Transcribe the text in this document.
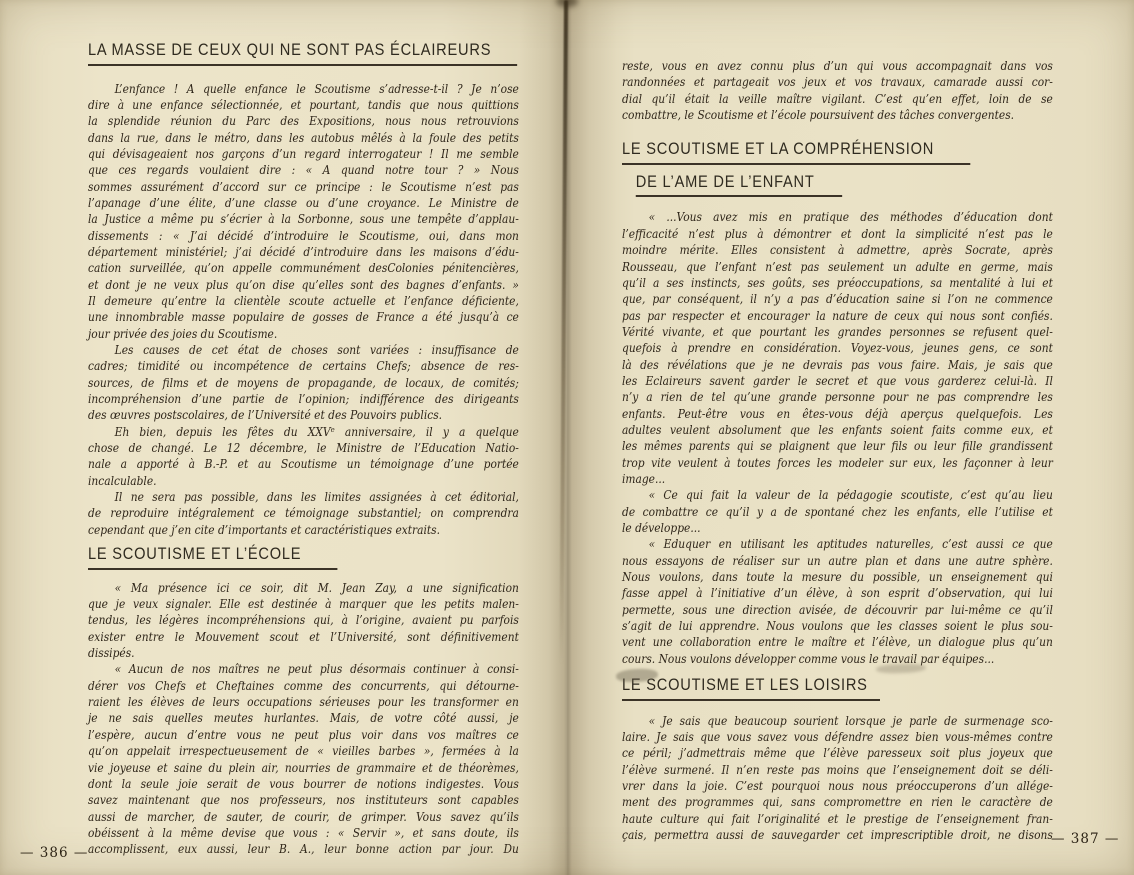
LA MASSE DE CEUX QUI NE SONT PAS ÉCLAIREURS
L’enfance ! A quelle enfance le Scoutisme s’adresse-t-il ? Je n’ose
dire à une enfance sélectionnée, et pourtant, tandis que nous quittions
la splendide réunion du Parc des Expositions, nous nous retrouvions
dans la rue, dans le métro, dans les autobus mêlés à la foule des petits
qui dévisageaient nos garçons d’un regard interrogateur ! Il me semble
que ces regards voulaient dire : « A quand notre tour ? » Nous
sommes assurément d’accord sur ce principe : le Scoutisme n’est pas
l’apanage d’une élite, d’une classe ou d’une croyance. Le Ministre de
la Justice a même pu s’écrier à la Sorbonne, sous une tempête d’applau-
dissements : « J’ai décidé d’introduire le Scoutisme, oui, dans mon
département ministériel; j’ai décidé d’introduire dans les maisons d’édu-
cation surveillée, qu’on appelle communément desColonies pénitencières,
et dont je ne veux plus qu’on dise qu’elles sont des bagnes d’enfants. »
Il demeure qu’entre la clientèle scoute actuelle et l’enfance déficiente,
une innombrable masse populaire de gosses de France a été jusqu’à ce
jour privée des joies du Scoutisme.
Les causes de cet état de choses sont variées : insuffisance de
cadres; timidité ou incompétence de certains Chefs; absence de res-
sources, de films et de moyens de propagande, de locaux, de comités;
incompréhension d’une partie de l’opinion; indifférence des dirigeants
des œuvres postscolaires, de l’Université et des Pouvoirs publics.
Eh bien, depuis les fêtes du XXVᵉ anniversaire, il y a quelque
chose de changé. Le 12 décembre, le Ministre de l’Education Natio-
nale a apporté à B.-P. et au Scoutisme un témoignage d’une portée
incalculable.
Il ne sera pas possible, dans les limites assignées à cet éditorial,
de reproduire intégralement ce témoignage substantiel; on comprendra
cependant que j’en cite d’importants et caractéristiques extraits.
LE SCOUTISME ET L’ÉCOLE
« Ma présence ici ce soir, dit M. Jean Zay, a une signification
que je veux signaler. Elle est destinée à marquer que les petits malen-
tendus, les légères incompréhensions qui, à l’origine, avaient pu parfois
exister entre le Mouvement scout et l’Université, sont définitivement
dissipés.
« Aucun de nos maîtres ne peut plus désormais continuer à consi-
dérer vos Chefs et Cheftaines comme des concurrents, qui détourne-
raient les élèves de leurs occupations sérieuses pour les transformer en
je ne sais quelles meutes hurlantes. Mais, de votre côté aussi, je
l’espère, aucun d’entre vous ne peut plus voir dans vos maîtres ce
qu’on appelait irrespectueusement de « vieilles barbes », fermées à la
vie joyeuse et saine du plein air, nourries de grammaire et de théorèmes,
dont la seule joie serait de vous bourrer de notions indigestes. Vous
savez maintenant que nos professeurs, nos instituteurs sont capables
aussi de marcher, de sauter, de courir, de grimper. Vous savez qu’ils
obéissent à la même devise que vous : « Servir », et sans doute, ils
accomplissent, eux aussi, leur B. A., leur bonne action par jour. Du
reste, vous en avez connu plus d’un qui vous accompagnait dans vos
randonnées et partageait vos jeux et vos travaux, camarade aussi cor-
dial qu’il était la veille maître vigilant. C’est qu’en effet, loin de se
combattre, le Scoutisme et l’école poursuivent des tâches convergentes.
LE SCOUTISME ET LA COMPRÉHENSION
DE L’AME DE L’ENFANT
« ...Vous avez mis en pratique des méthodes d’éducation dont
l’efficacité n’est plus à démontrer et dont la simplicité n’est pas le
moindre mérite. Elles consistent à admettre, après Socrate, après
Rousseau, que l’enfant n’est pas seulement un adulte en germe, mais
qu’il a ses instincts, ses goûts, ses préoccupations, sa mentalité à lui et
que, par conséquent, il n’y a pas d’éducation saine si l’on ne commence
pas par respecter et encourager la nature de ceux qui nous sont confiés.
Vérité vivante, et que pourtant les grandes personnes se refusent quel-
quefois à prendre en considération. Voyez-vous, jeunes gens, ce sont
là des révélations que je ne devrais pas vous faire. Mais, je sais que
les Eclaireurs savent garder le secret et que vous garderez celui-là. Il
n’y a rien de tel qu’une grande personne pour ne pas comprendre les
enfants. Peut-être vous en êtes-vous déjà aperçus quelquefois. Les
adultes veulent absolument que les enfants soient faits comme eux, et
les mêmes parents qui se plaignent que leur fils ou leur fille grandissent
trop vite veulent à toutes forces les modeler sur eux, les façonner à leur
image...
« Ce qui fait la valeur de la pédagogie scoutiste, c’est qu’au lieu
de combattre ce qu’il y a de spontané chez les enfants, elle l’utilise et
le développe...
« Eduquer en utilisant les aptitudes naturelles, c’est aussi ce que
nous essayons de réaliser sur un autre plan et dans une autre sphère.
Nous voulons, dans toute la mesure du possible, un enseignement qui
fasse appel à l’initiative d’un élève, à son esprit d’observation, qui lui
permette, sous une direction avisée, de découvrir par lui-même ce qu’il
s’agit de lui apprendre. Nous voulons que les classes soient le plus sou-
vent une collaboration entre le maître et l’élève, un dialogue plus qu’un
cours. Nous voulons développer comme vous le travail par équipes...
LE SCOUTISME ET LES LOISIRS
« Je sais que beaucoup sourient lorsque je parle de surmenage sco-
laire. Je sais que vous savez vous défendre assez bien vous-mêmes contre
ce péril; j’admettrais même que l’élève paresseux soit plus joyeux que
l’élève surmené. Il n’en reste pas moins que l’enseignement doit se déli-
vrer dans la joie. C’est pourquoi nous nous préoccuperons d’un allége-
ment des programmes qui, sans compromettre en rien le caractère de
haute culture qui fait l’originalité et le prestige de l’enseignement fran-
çais, permettra aussi de sauvegarder cet imprescriptible droit, ne disons
— 386 —
— 387 —
